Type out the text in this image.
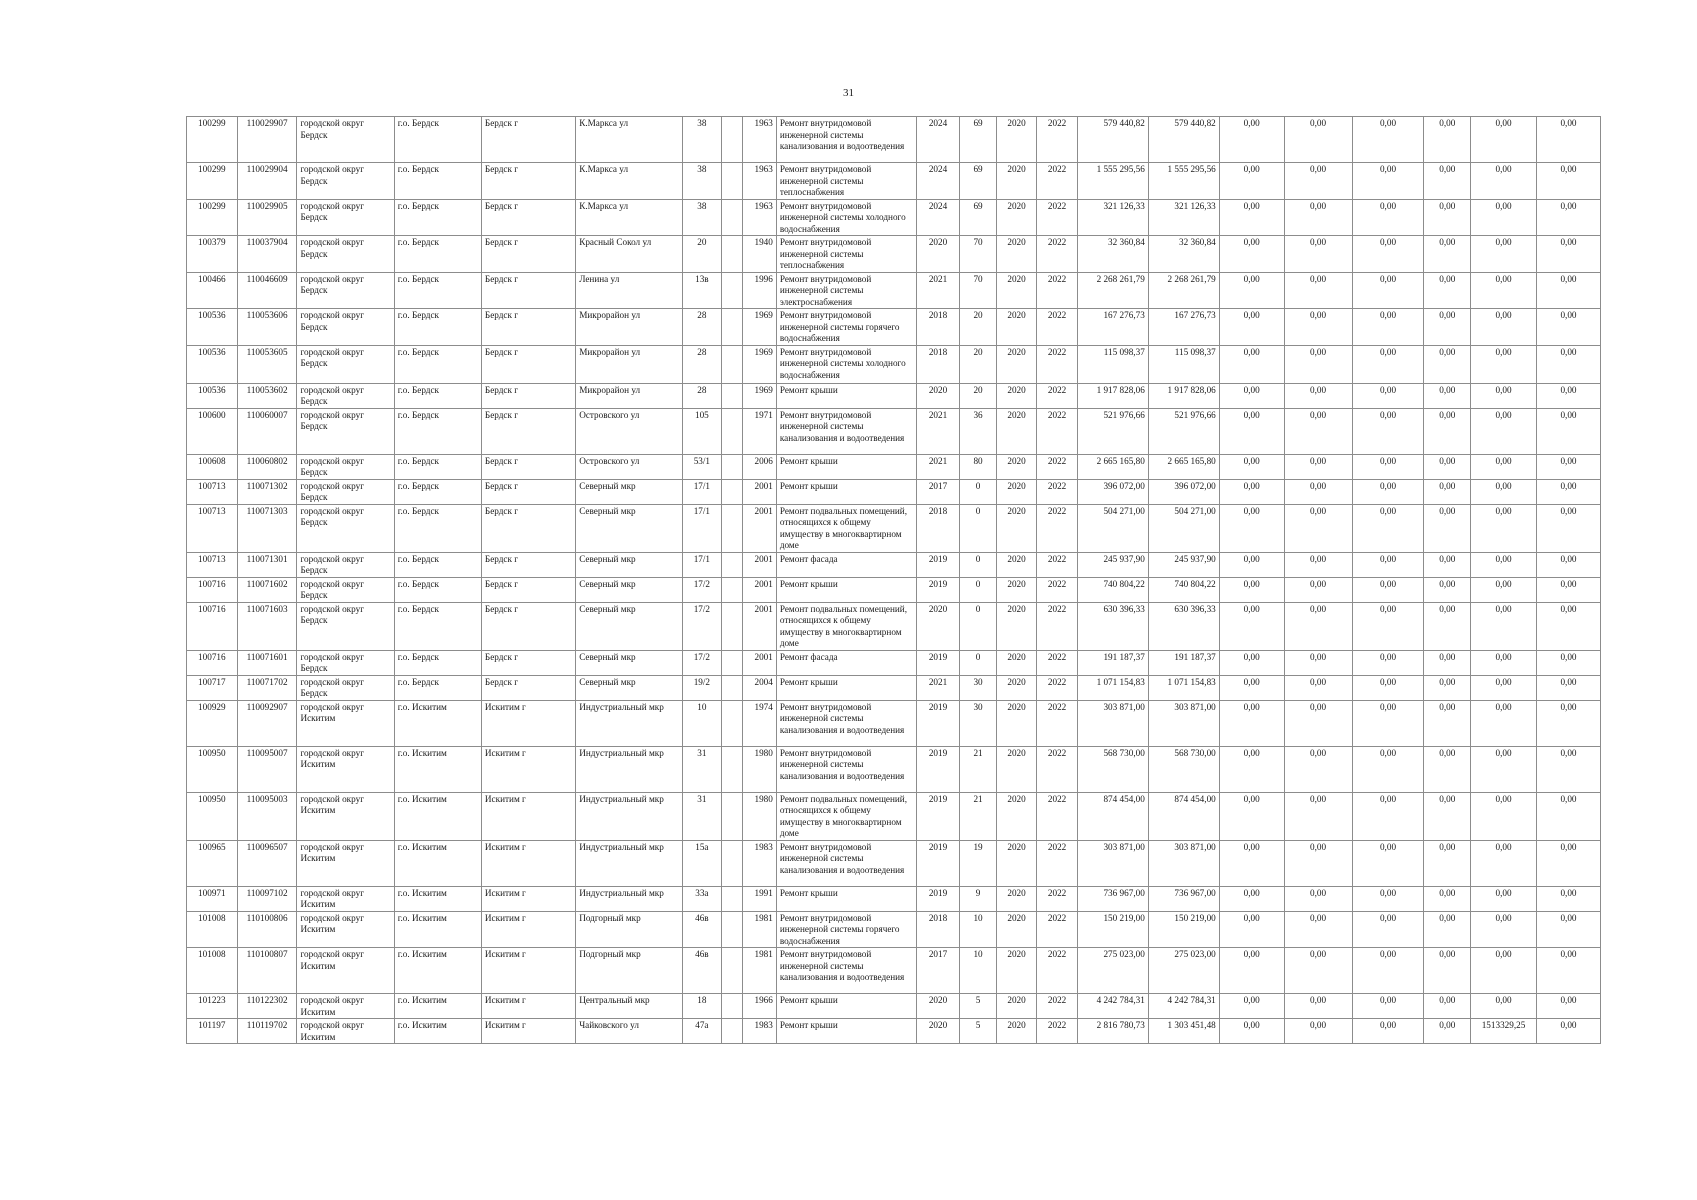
31
100299	110029907	городской округ Бердск	г.о. Бердск	Бердск г	К.Маркса ул	38		1963	Ремонт внутридомовой инженерной системы канализования и водоотведения	2024	69	2020	2022	579 440,82	579 440,82	0,00	0,00	0,00	0,00	0,00	0,00
100299	110029904	городской округ Бердск	г.о. Бердск	Бердск г	К.Маркса ул	38		1963	Ремонт внутридомовой инженерной системы теплоснабжения	2024	69	2020	2022	1 555 295,56	1 555 295,56	0,00	0,00	0,00	0,00	0,00	0,00
100299	110029905	городской округ Бердск	г.о. Бердск	Бердск г	К.Маркса ул	38		1963	Ремонт внутридомовой инженерной системы холодного водоснабжения	2024	69	2020	2022	321 126,33	321 126,33	0,00	0,00	0,00	0,00	0,00	0,00
100379	110037904	городской округ Бердск	г.о. Бердск	Бердск г	Красный Сокол ул	20		1940	Ремонт внутридомовой инженерной системы теплоснабжения	2020	70	2020	2022	32 360,84	32 360,84	0,00	0,00	0,00	0,00	0,00	0,00
100466	110046609	городской округ Бердск	г.о. Бердск	Бердск г	Ленина ул	13в		1996	Ремонт внутридомовой инженерной системы электроснабжения	2021	70	2020	2022	2 268 261,79	2 268 261,79	0,00	0,00	0,00	0,00	0,00	0,00
100536	110053606	городской округ Бердск	г.о. Бердск	Бердск г	Микрорайон ул	28		1969	Ремонт внутридомовой инженерной системы горячего водоснабжения	2018	20	2020	2022	167 276,73	167 276,73	0,00	0,00	0,00	0,00	0,00	0,00
100536	110053605	городской округ Бердск	г.о. Бердск	Бердск г	Микрорайон ул	28		1969	Ремонт внутридомовой инженерной системы холодного водоснабжения	2018	20	2020	2022	115 098,37	115 098,37	0,00	0,00	0,00	0,00	0,00	0,00
100536	110053602	городской округ Бердск	г.о. Бердск	Бердск г	Микрорайон ул	28		1969	Ремонт крыши	2020	20	2020	2022	1 917 828,06	1 917 828,06	0,00	0,00	0,00	0,00	0,00	0,00
100600	110060007	городской округ Бердск	г.о. Бердск	Бердск г	Островского ул	105		1971	Ремонт внутридомовой инженерной системы канализования и водоотведения	2021	36	2020	2022	521 976,66	521 976,66	0,00	0,00	0,00	0,00	0,00	0,00
100608	110060802	городской округ Бердск	г.о. Бердск	Бердск г	Островского ул	53/1		2006	Ремонт крыши	2021	80	2020	2022	2 665 165,80	2 665 165,80	0,00	0,00	0,00	0,00	0,00	0,00
100713	110071302	городской округ Бердск	г.о. Бердск	Бердск г	Северный мкр	17/1		2001	Ремонт крыши	2017	0	2020	2022	396 072,00	396 072,00	0,00	0,00	0,00	0,00	0,00	0,00
100713	110071303	городской округ Бердск	г.о. Бердск	Бердск г	Северный мкр	17/1		2001	Ремонт подвальных помещений, относящихся к общему имуществу в многоквартирном доме	2018	0	2020	2022	504 271,00	504 271,00	0,00	0,00	0,00	0,00	0,00	0,00
100713	110071301	городской округ Бердск	г.о. Бердск	Бердск г	Северный мкр	17/1		2001	Ремонт фасада	2019	0	2020	2022	245 937,90	245 937,90	0,00	0,00	0,00	0,00	0,00	0,00
100716	110071602	городской округ Бердск	г.о. Бердск	Бердск г	Северный мкр	17/2		2001	Ремонт крыши	2019	0	2020	2022	740 804,22	740 804,22	0,00	0,00	0,00	0,00	0,00	0,00
100716	110071603	городской округ Бердск	г.о. Бердск	Бердск г	Северный мкр	17/2		2001	Ремонт подвальных помещений, относящихся к общему имуществу в многоквартирном доме	2020	0	2020	2022	630 396,33	630 396,33	0,00	0,00	0,00	0,00	0,00	0,00
100716	110071601	городской округ Бердск	г.о. Бердск	Бердск г	Северный мкр	17/2		2001	Ремонт фасада	2019	0	2020	2022	191 187,37	191 187,37	0,00	0,00	0,00	0,00	0,00	0,00
100717	110071702	городской округ Бердск	г.о. Бердск	Бердск г	Северный мкр	19/2		2004	Ремонт крыши	2021	30	2020	2022	1 071 154,83	1 071 154,83	0,00	0,00	0,00	0,00	0,00	0,00
100929	110092907	городской округ Искитим	г.о. Искитим	Искитим г	Индустриальный мкр	10		1974	Ремонт внутридомовой инженерной системы канализования и водоотведения	2019	30	2020	2022	303 871,00	303 871,00	0,00	0,00	0,00	0,00	0,00	0,00
100950	110095007	городской округ Искитим	г.о. Искитим	Искитим г	Индустриальный мкр	31		1980	Ремонт внутридомовой инженерной системы канализования и водоотведения	2019	21	2020	2022	568 730,00	568 730,00	0,00	0,00	0,00	0,00	0,00	0,00
100950	110095003	городской округ Искитим	г.о. Искитим	Искитим г	Индустриальный мкр	31		1980	Ремонт подвальных помещений, относящихся к общему имуществу в многоквартирном доме	2019	21	2020	2022	874 454,00	874 454,00	0,00	0,00	0,00	0,00	0,00	0,00
100965	110096507	городской округ Искитим	г.о. Искитим	Искитим г	Индустриальный мкр	15а		1983	Ремонт внутридомовой инженерной системы канализования и водоотведения	2019	19	2020	2022	303 871,00	303 871,00	0,00	0,00	0,00	0,00	0,00	0,00
100971	110097102	городской округ Искитим	г.о. Искитим	Искитим г	Индустриальный мкр	33а		1991	Ремонт крыши	2019	9	2020	2022	736 967,00	736 967,00	0,00	0,00	0,00	0,00	0,00	0,00
101008	110100806	городской округ Искитим	г.о. Искитим	Искитим г	Подгорный мкр	46в		1981	Ремонт внутридомовой инженерной системы горячего водоснабжения	2018	10	2020	2022	150 219,00	150 219,00	0,00	0,00	0,00	0,00	0,00	0,00
101008	110100807	городской округ Искитим	г.о. Искитим	Искитим г	Подгорный мкр	46в		1981	Ремонт внутридомовой инженерной системы канализования и водоотведения	2017	10	2020	2022	275 023,00	275 023,00	0,00	0,00	0,00	0,00	0,00	0,00
101223	110122302	городской округ Искитим	г.о. Искитим	Искитим г	Центральный мкр	18		1966	Ремонт крыши	2020	5	2020	2022	4 242 784,31	4 242 784,31	0,00	0,00	0,00	0,00	0,00	0,00
101197	110119702	городской округ Искитим	г.о. Искитим	Искитим г	Чайковского ул	47а		1983	Ремонт крыши	2020	5	2020	2022	2 816 780,73	1 303 451,48	0,00	0,00	0,00	0,00	1513329,25	0,00
